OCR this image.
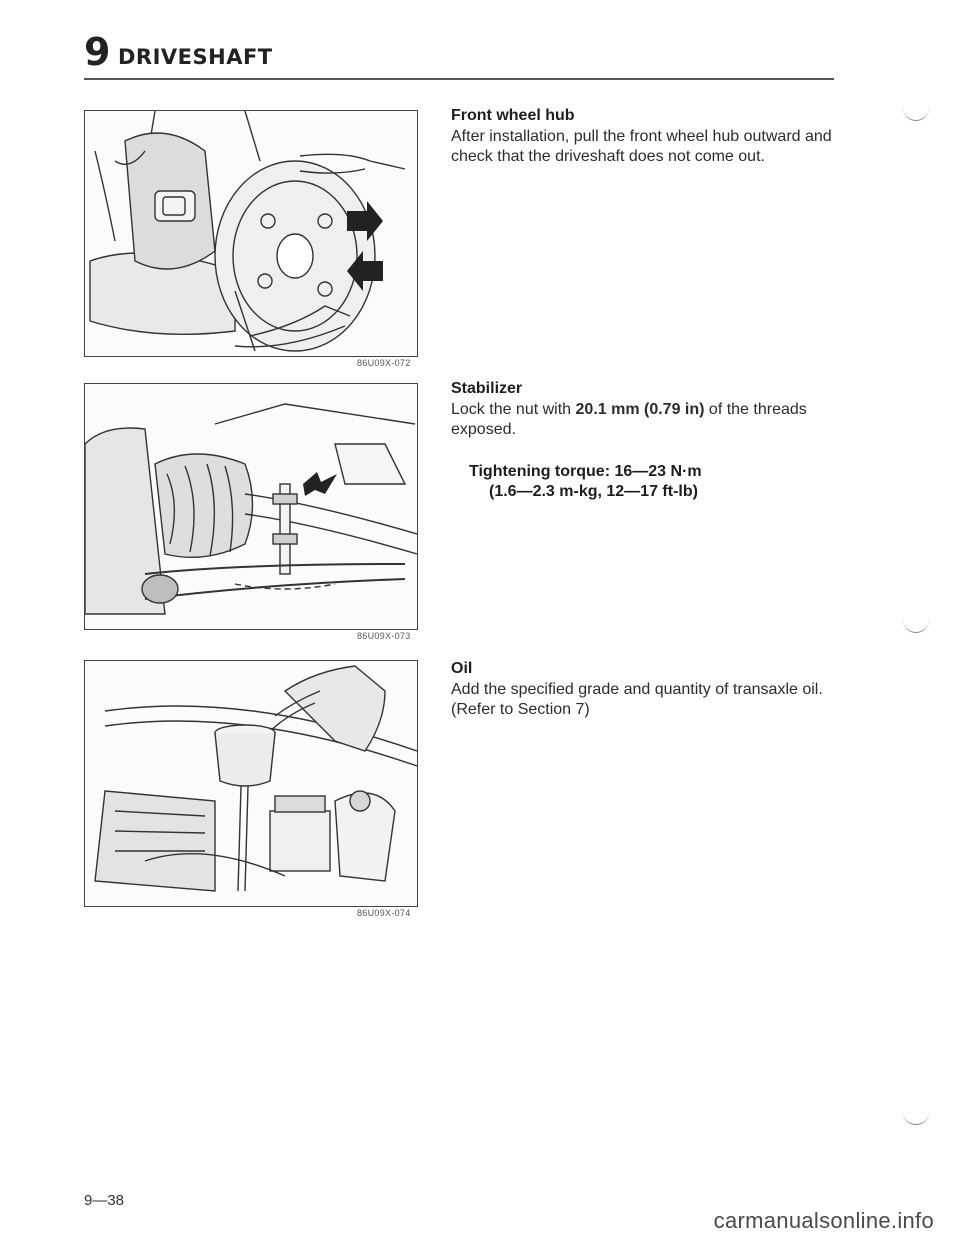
9 DRIVESHAFT
86U09X-072
86U09X-073
86U09X-074
Front wheel hub

After installation, pull the front wheel hub outward and check that the driveshaft does not come out.

Stabilizer

Lock the nut with 20.1 mm (0.79 in) of the threads exposed.

Tightening torque: 16—23 N·m
(1.6—2.3 m-kg, 12—17 ft-lb)
Oil

Add the specified grade and quantity of transaxle oil.

(Refer to Section 7)

9—38
carmanualsonline.info
